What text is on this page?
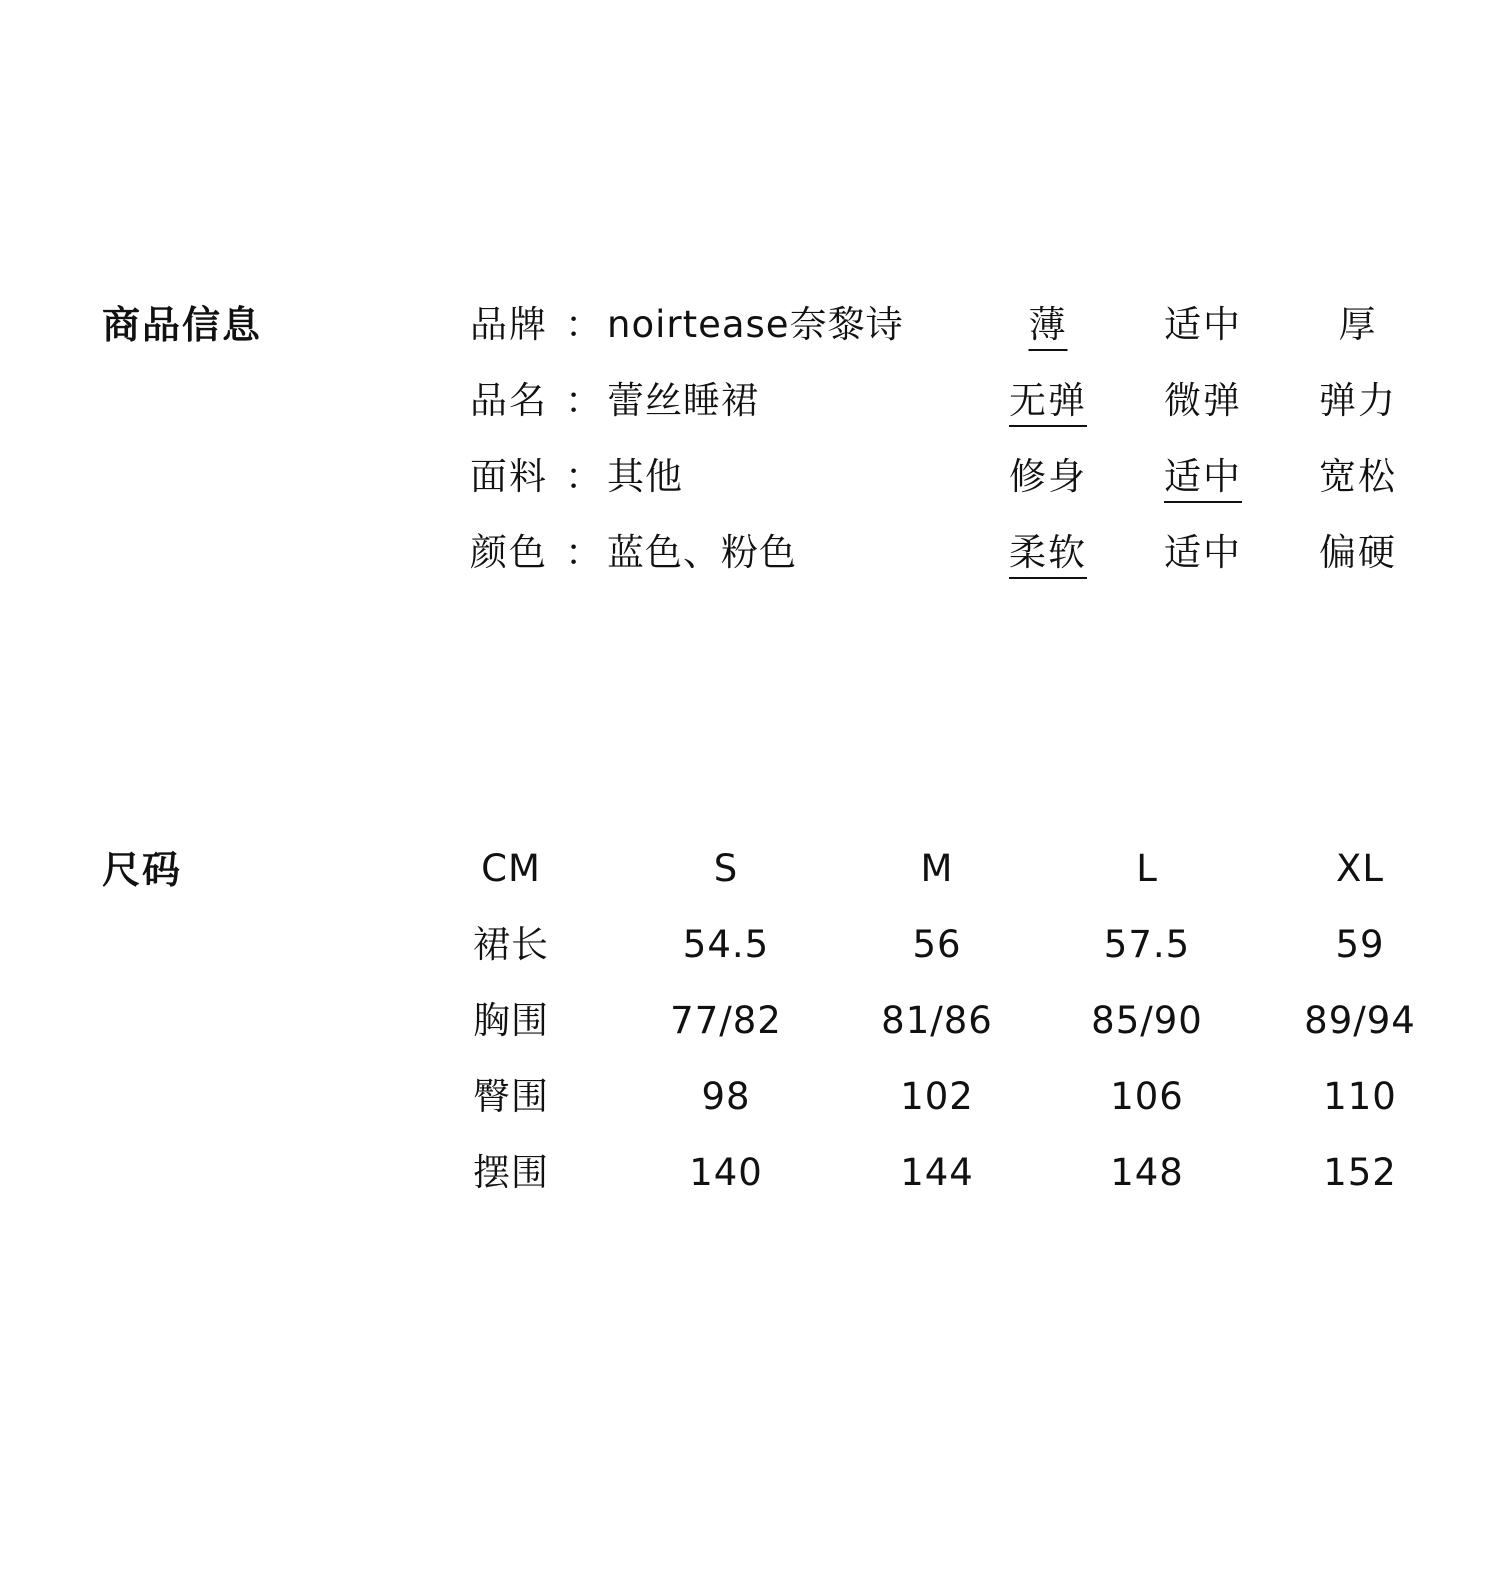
商品信息	品牌 ： noirtease奈黎诗	薄	适中	厚
品名 ： 蕾丝睡裙	无弹 微弹 弹力
面料 ： 其他	修身 适中 宽松
颜色 ： 蓝色、粉色	柔软 适中 偏硬
尺码	CM	S	M	L	XL
裙长	54.5	56	57.5	59
胸围	77/82	81/86	85/90	89/94
臀围	98	102	106	110
摆围	140	144	148	152
